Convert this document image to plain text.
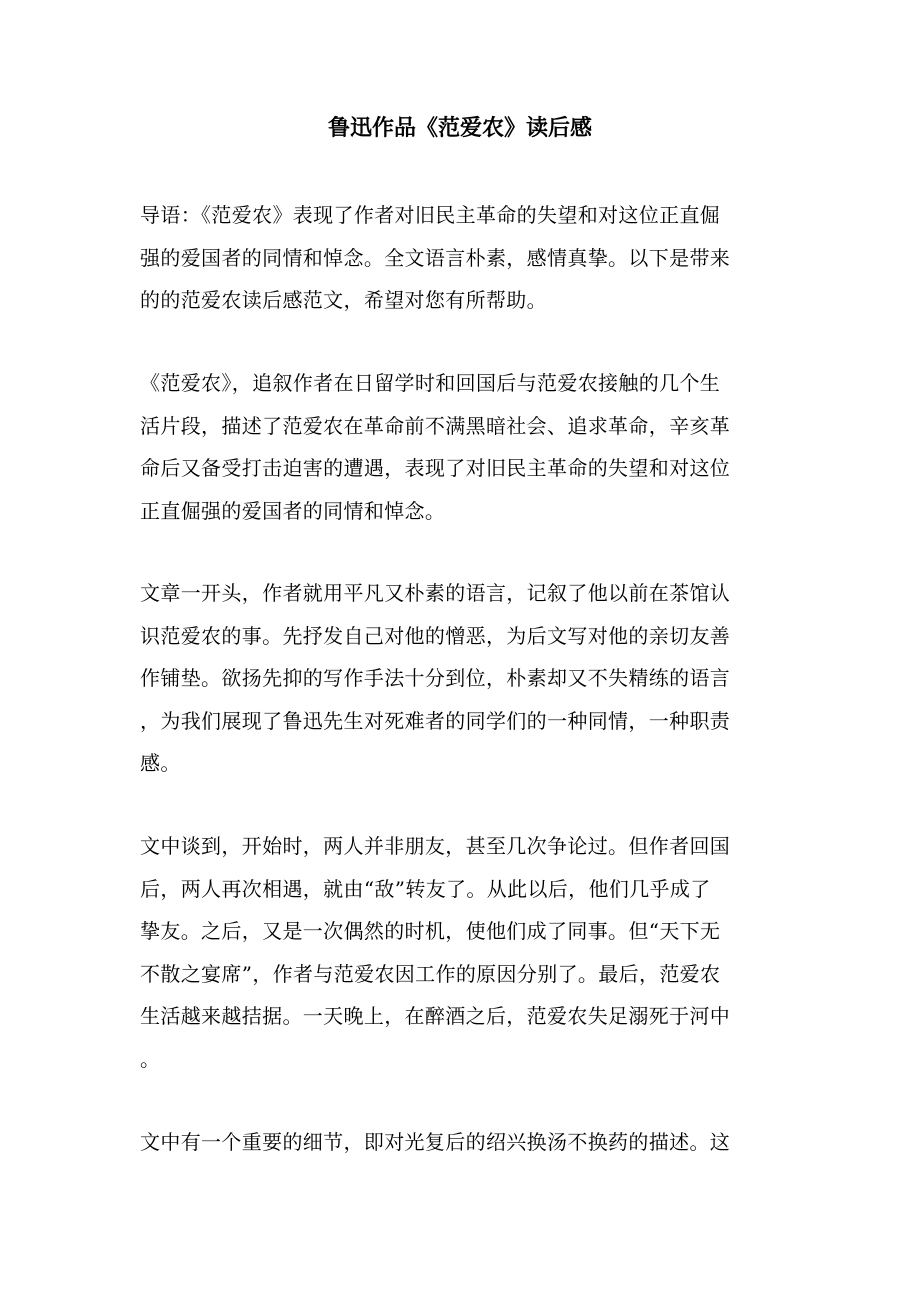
鲁迅作品《范爱农》读后感
导语：《范爱农》表现了作者对旧民主革命的失望和对这位正直倔
强的爱国者的同情和悼念。全文语言朴素，感情真挚。以下是带来
的的范爱农读后感范文，希望对您有所帮助。
《范爱农》，追叙作者在日留学时和回国后与范爱农接触的几个生
活片段，描述了范爱农在革命前不满黑暗社会、追求革命，辛亥革
命后又备受打击迫害的遭遇，表现了对旧民主革命的失望和对这位
正直倔强的爱国者的同情和悼念。
文章一开头，作者就用平凡又朴素的语言，记叙了他以前在茶馆认
识范爱农的事。先抒发自己对他的憎恶，为后文写对他的亲切友善
作铺垫。欲扬先抑的写作手法十分到位，朴素却又不失精练的语言
，为我们展现了鲁迅先生对死难者的同学们的一种同情，一种职责
感。
文中谈到，开始时，两人并非朋友，甚至几次争论过。但作者回国
后，两人再次相遇，就由“敌”转友了。从此以后，他们几乎成了
挚友。之后，又是一次偶然的时机，使他们成了同事。但“天下无
不散之宴席”，作者与范爱农因工作的原因分别了。最后，范爱农
生活越来越拮据。一天晚上，在醉酒之后，范爱农失足溺死于河中
。
文中有一个重要的细节，即对光复后的绍兴换汤不换药的描述。这
